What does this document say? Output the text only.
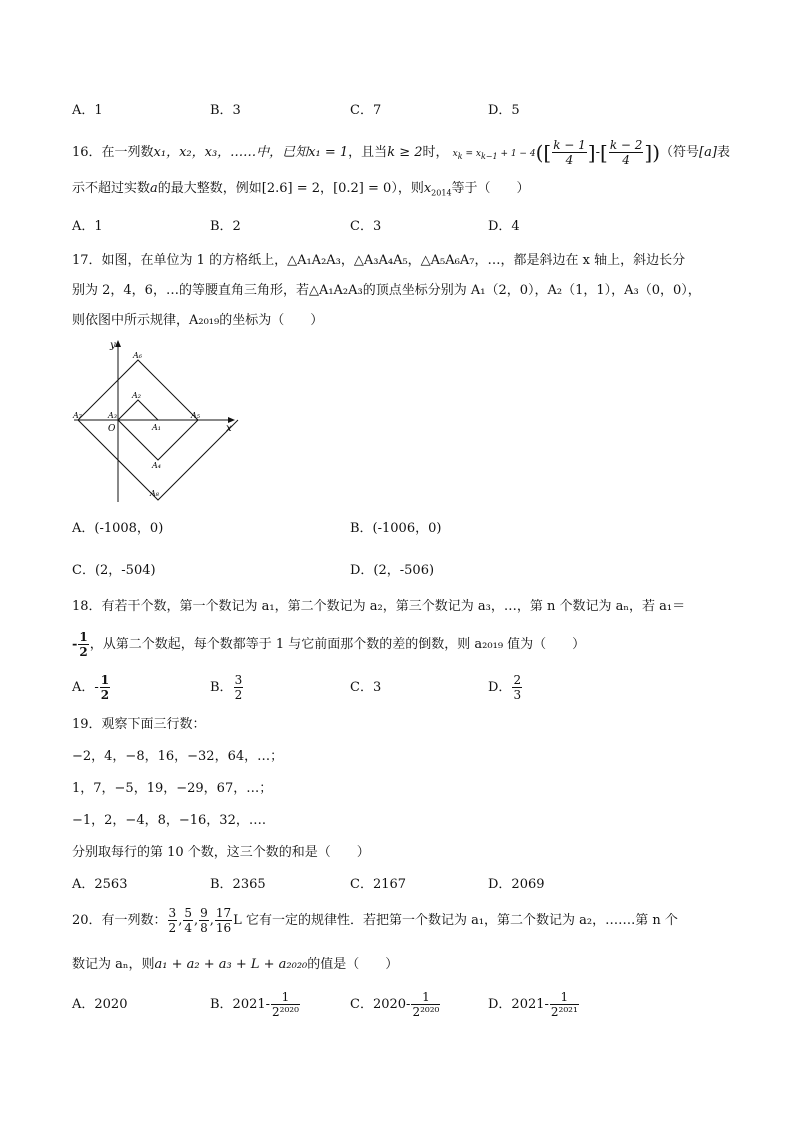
A．1	B．3	C．7	D．5
16．在一列数x₁，x₂，x₃，……中，已知x₁ = 1，且当k ≥ 2时， $x_k = x_{k-1} + 1 - 4([ \frac{k - 1}{4}$ ]-[ $\frac{k - 2}{4}$ ])（符号[a]表
示不超过实数a的最大整数，例如[2.6] = 2，[0.2] = 0），则$x_{2014}$等于（　　）
A．1	B．2	C．3	D．4
17．如图，在单位为 1 的方格纸上，△A₁A₂A₃，△A₃A₄A₅，△A₅A₆A₇，…，都是斜边在 x 轴上，斜边长分
别为 2，4，6，…的等腰直角三角形，若△A₁A₂A₃的顶点坐标分别为 A₁（2，0），A₂（1，1），A₃（0，0），
则依图中所示规律，A₂₀₁₉的坐标为（　　）
y
x
O	A₁
A₂
A₃
A₄
A₅
A₆
A₇
A₈
A．(-1008，0)	B．(-1006，0)
C．(2，-504)	D．(2，-506)
18．有若干个数，第一个数记为 a₁，第二个数记为 a₂，第三个数记为 a₃，…，第 n 个数记为 aₙ，若 a₁＝
- $\frac{1}{2}$ ，从第二个数起，每个数都等于 1 与它前面那个数的差的倒数，则 a₂₀₁₉ 值为（　　）
A．- $\frac{1}{2}$	B． $\frac{3}{2}$	C．3	D． $\frac{2}{3}$
19．观察下面三行数：
−2，4，−8，16，−32，64，…；
1，7，−5，19，−29，67，…；
−1，2，−4，8，−16，32，….
分别取每行的第 10 个数，这三个数的和是（　　）
A．2563	B．2365	C．2167	D．2069
20．有一列数： $\frac{3}{2}$ , $\frac{5}{4}$ , $\frac{9}{8}$ , $\frac{17}{16}$ L 它有一定的规律性．若把第一个数记为 a₁，第二个数记为 a₂，…….第 n 个
数记为 aₙ，则a₁ + a₂ + a₃ + L + a₂₀₂₀的值是（　　）
A．2020	B．$2021- \frac{1}{\text{2²⁰²⁰}}$	C．$2020- \frac{1}{\text{2²⁰²⁰}}$	D．$2021- \frac{1}{\text{2²⁰²¹}}$
